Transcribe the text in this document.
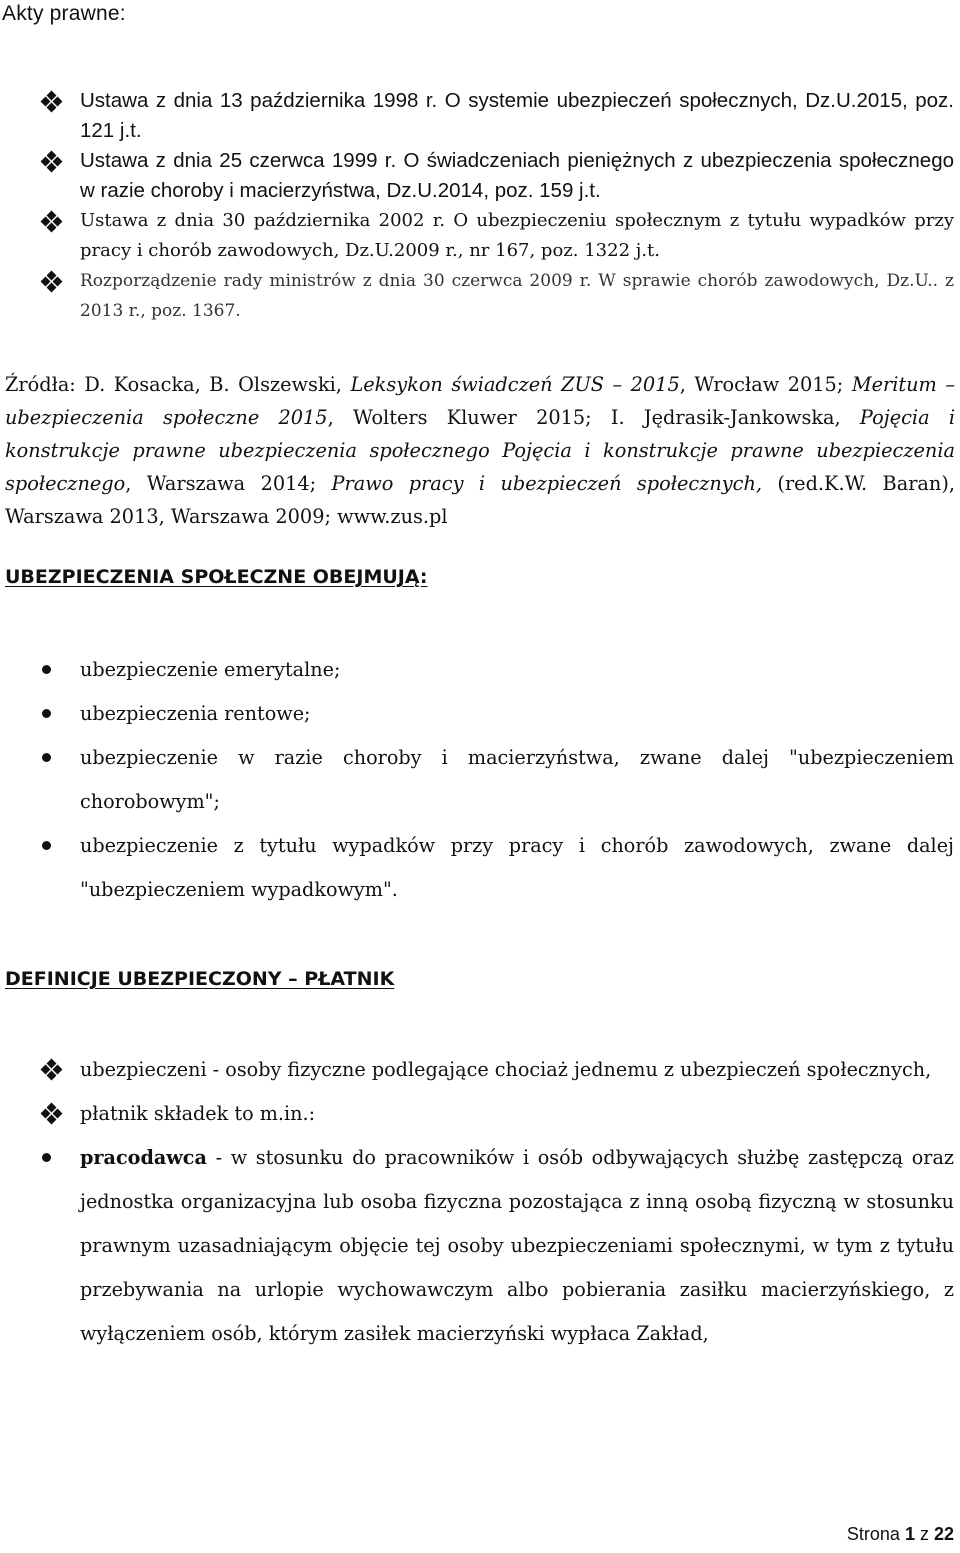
Akty prawne:
Ustawa z dnia 13 października 1998 r. O systemie ubezpieczeń społecznych, Dz.U.2015, poz. 121 j.t.
Ustawa z dnia 25 czerwca 1999 r. O świadczeniach pieniężnych z ubezpieczenia społecznego w razie choroby i macierzyństwa, Dz.U.2014, poz. 159 j.t.
Ustawa z dnia 30 października 2002 r. O ubezpieczeniu społecznym z tytułu wypadków przy pracy i chorób zawodowych, Dz.U.2009 r., nr 167, poz. 1322 j.t.
Rozporządzenie rady ministrów z dnia 30 czerwca 2009 r. W sprawie chorób zawodowych, Dz.U.. z 2013 r., poz. 1367.

Źródła: D. Kosacka, B. Olszewski, Leksykon świadczeń ZUS – 2015, Wrocław 2015; Meritum – ubezpieczenia społeczne 2015, Wolters Kluwer 2015; I. Jędrasik-Jankowska, Pojęcia i konstrukcje prawne ubezpieczenia społecznego Pojęcia i konstrukcje prawne ubezpieczenia społecznego, Warszawa 2014; Prawo pracy i ubezpieczeń społecznych, (red.K.W. Baran), Warszawa 2013, Warszawa 2009; www.zus.pl

UBEZPIECZENIA SPOŁECZNE OBEJMUJĄ:
ubezpieczenie emerytalne;
ubezpieczenia rentowe;
ubezpieczenie w razie choroby i macierzyństwa, zwane dalej "ubezpieczeniem chorobowym";
ubezpieczenie z tytułu wypadków przy pracy i chorób zawodowych, zwane dalej "ubezpieczeniem wypadkowym".
DEFINICJE UBEZPIECZONY – PŁATNIK
ubezpieczeni - osoby fizyczne podlegające chociaż jednemu z ubezpieczeń społecznych,
płatnik składek to m.in.:
pracodawca - w stosunku do pracowników i osób odbywających służbę zastępczą oraz jednostka organizacyjna lub osoba fizyczna pozostająca z inną osobą fizyczną w stosunku prawnym uzasadniającym objęcie tej osoby ubezpieczeniami społecznymi, w tym z tytułu przebywania na urlopie wychowawczym albo pobierania zasiłku macierzyńskiego, z wyłączeniem osób, którym zasiłek macierzyński wypłaca Zakład,
Strona 1 z 22
